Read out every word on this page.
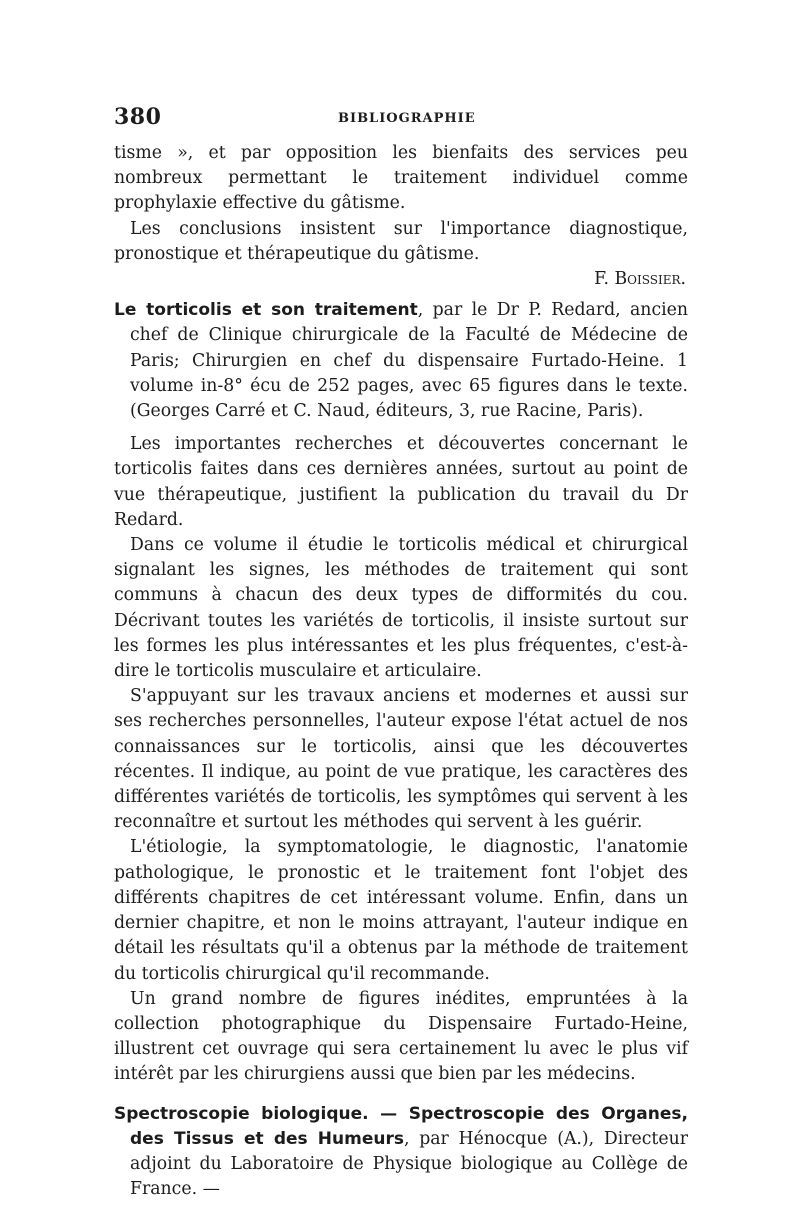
380	BIBLIOGRAPHIE

tisme », et par opposition les bienfaits des services peu nombreux permettant le traitement individuel comme prophylaxie effective du gâtisme.

Les conclusions insistent sur l'importance diagnostique, pronostique et thérapeutique du gâtisme.

F. Boissier.

Le torticolis et son traitement, par le Dr P. Redard, ancien chef de Clinique chirurgicale de la Faculté de Médecine de Paris; Chirurgien en chef du dispensaire Furtado-Heine. 1 volume in-8° écu de 252 pages, avec 65 figures dans le texte. (Georges Carré et C. Naud, éditeurs, 3, rue Racine, Paris).

Les importantes recherches et découvertes concernant le torticolis faites dans ces dernières années, surtout au point de vue thérapeutique, justifient la publication du travail du Dr Redard.

Dans ce volume il étudie le torticolis médical et chirurgical signalant les signes, les méthodes de traitement qui sont communs à chacun des deux types de difformités du cou. Décrivant toutes les variétés de torticolis, il insiste surtout sur les formes les plus intéressantes et les plus fréquentes, c'est-à-dire le torticolis musculaire et articulaire.

S'appuyant sur les travaux anciens et modernes et aussi sur ses recherches personnelles, l'auteur expose l'état actuel de nos connaissances sur le torticolis, ainsi que les découvertes récentes. Il indique, au point de vue pratique, les caractères des différentes variétés de torticolis, les symptômes qui servent à les reconnaître et surtout les méthodes qui servent à les guérir.

L'étiologie, la symptomatologie, le diagnostic, l'anatomie pathologique, le pronostic et le traitement font l'objet des différents chapitres de cet intéressant volume. Enfin, dans un dernier chapitre, et non le moins attrayant, l'auteur indique en détail les résultats qu'il a obtenus par la méthode de traitement du torticolis chirurgical qu'il recommande.

Un grand nombre de figures inédites, empruntées à la collection photographique du Dispensaire Furtado-Heine, illustrent cet ouvrage qui sera certainement lu avec le plus vif intérêt par les chirurgiens aussi que bien par les médecins.

Spectroscopie biologique. — Spectroscopie des Organes, des Tissus et des Humeurs, par Hénocque (A.), Directeur adjoint du Laboratoire de Physique biologique au Collège de France. —
